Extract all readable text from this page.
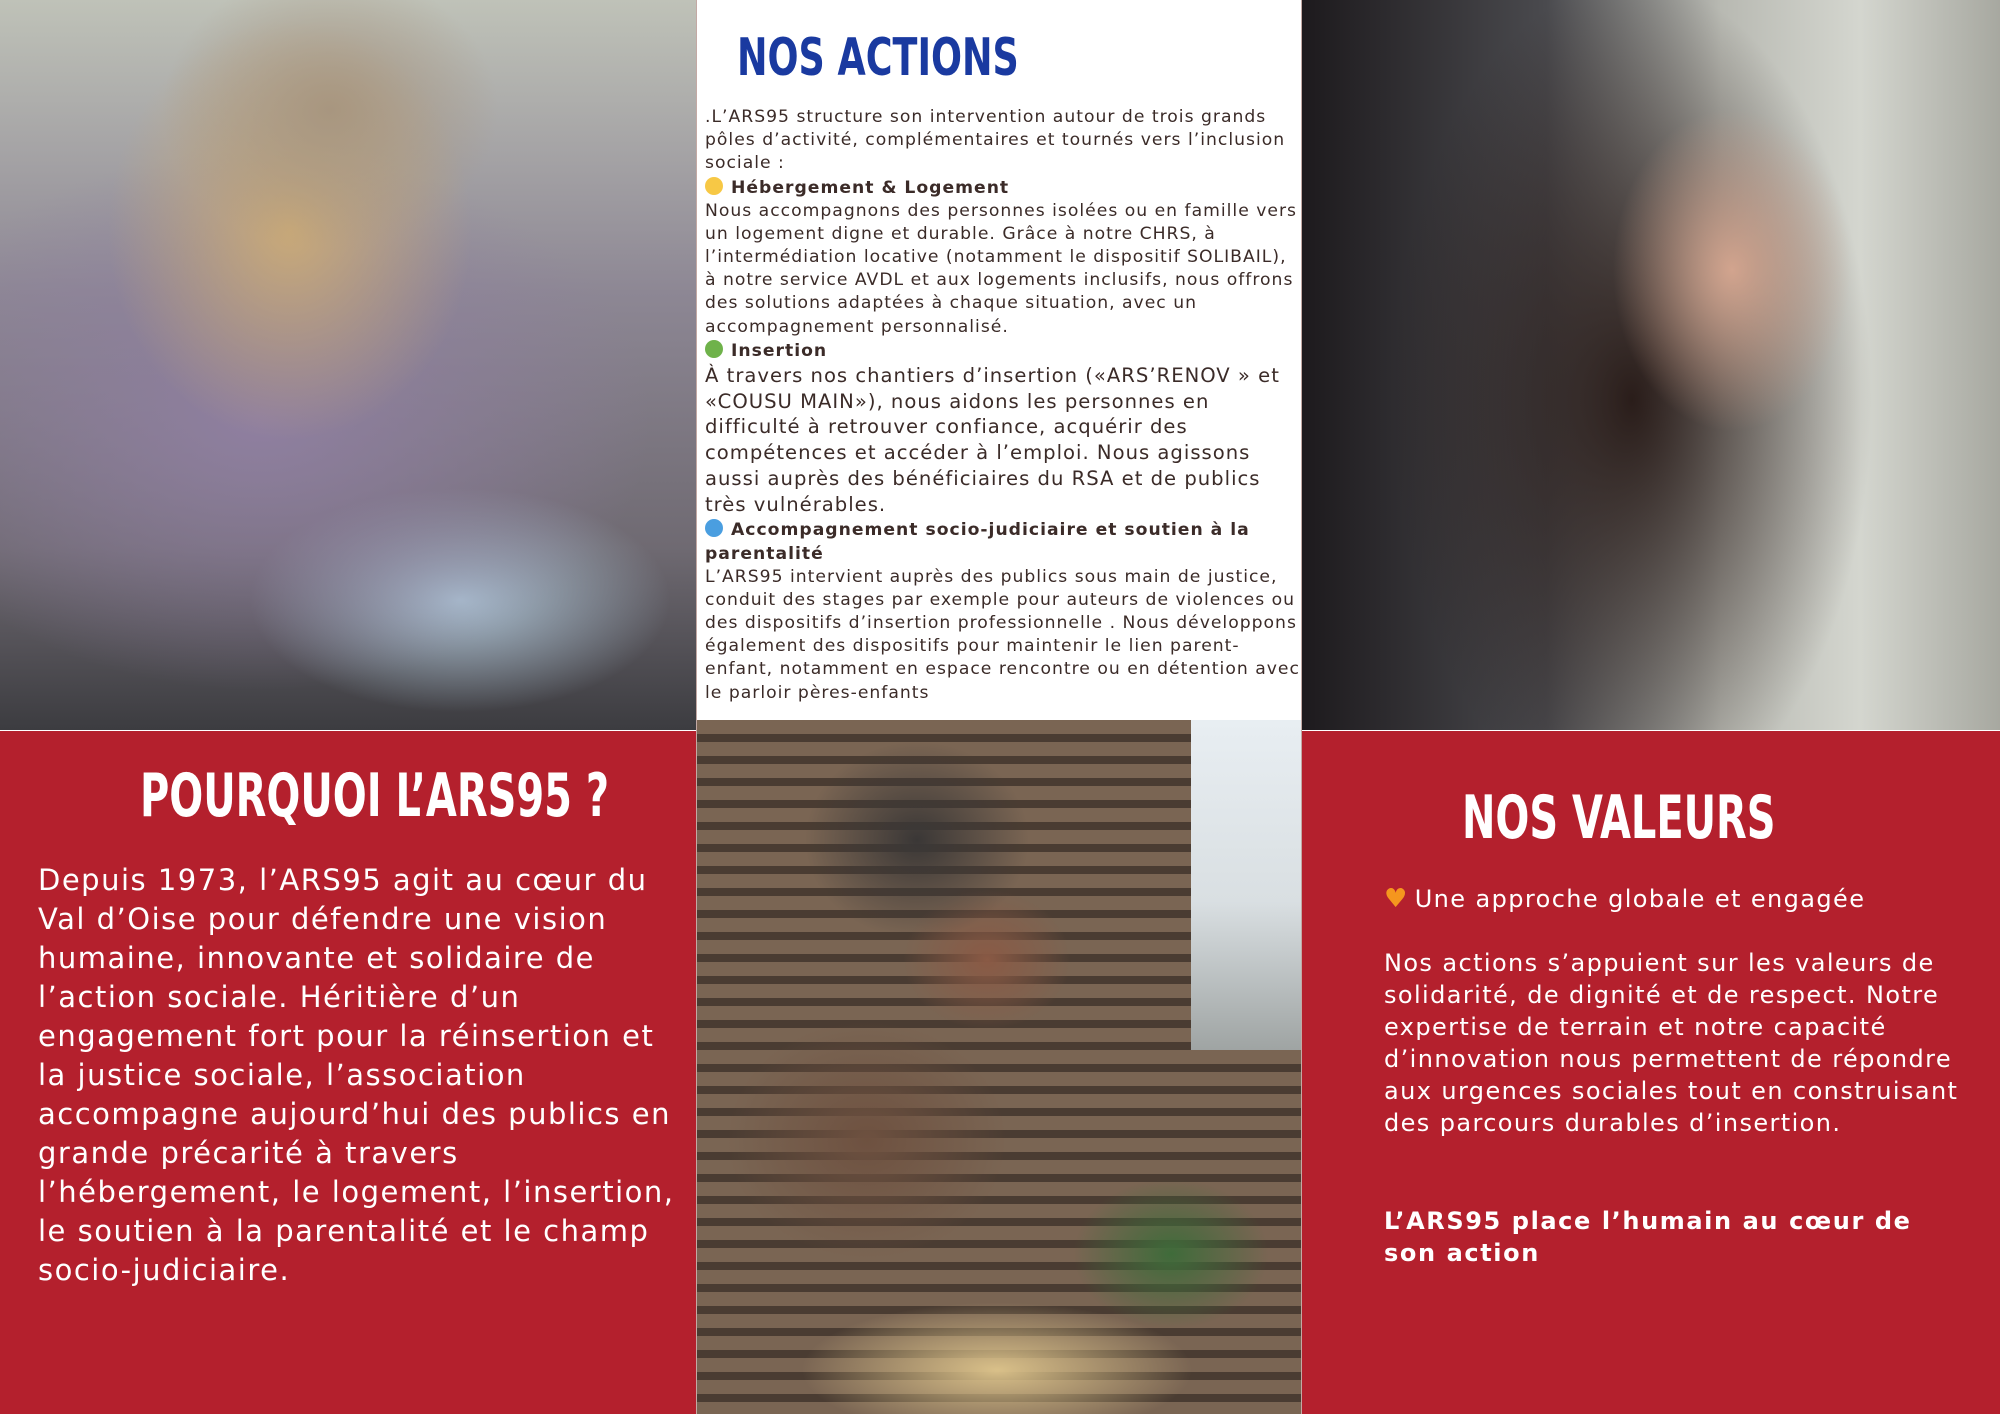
NOS ACTIONS

.L’ARS95 structure son intervention autour de trois grands pôles d’activité, complémentaires et tournés vers l’inclusion sociale :

Hébergement & Logement

Nous accompagnons des personnes isolées ou en famille vers un logement digne et durable. Grâce à notre CHRS, à l’intermédiation locative (notamment le dispositif SOLIBAIL), à notre service AVDL et aux logements inclusifs, nous offrons des solutions adaptées à chaque situation, avec un accompagnement personnalisé.

Insertion

À travers nos chantiers d’insertion («ARS’RENOV » et «COUSU MAIN»), nous aidons les personnes en difficulté à retrouver confiance, acquérir des compétences et accéder à l’emploi. Nous agissons aussi auprès des bénéficiaires du RSA et de publics très vulnérables.

Accompagnement socio-judiciaire et soutien à la parentalité

L’ARS95 intervient auprès des publics sous main de justice, conduit des stages par exemple pour auteurs de violences ou des dispositifs d’insertion professionnelle . Nous développons également des dispositifs pour maintenir le lien parent-enfant, notamment en espace rencontre ou en détention avec le parloir pères-enfants

POURQUOI L’ARS95 ?

Depuis 1973, l’ARS95 agit au cœur du Val d’Oise pour défendre une vision humaine, innovante et solidaire de l’action sociale. Héritière d’un engagement fort pour la réinsertion et la justice sociale, l’association accompagne aujourd’hui des publics en grande précarité à travers l’hébergement, le logement, l’insertion, le soutien à la parentalité et le champ socio-judiciaire.

NOS VALEURS

♥ Une approche globale et engagée

Nos actions s’appuient sur les valeurs de solidarité, de dignité et de respect. Notre expertise de terrain et notre capacité d’innovation nous permettent de répondre aux urgences sociales tout en construisant des parcours durables d’insertion.

L’ARS95 place l’humain au cœur de son action
